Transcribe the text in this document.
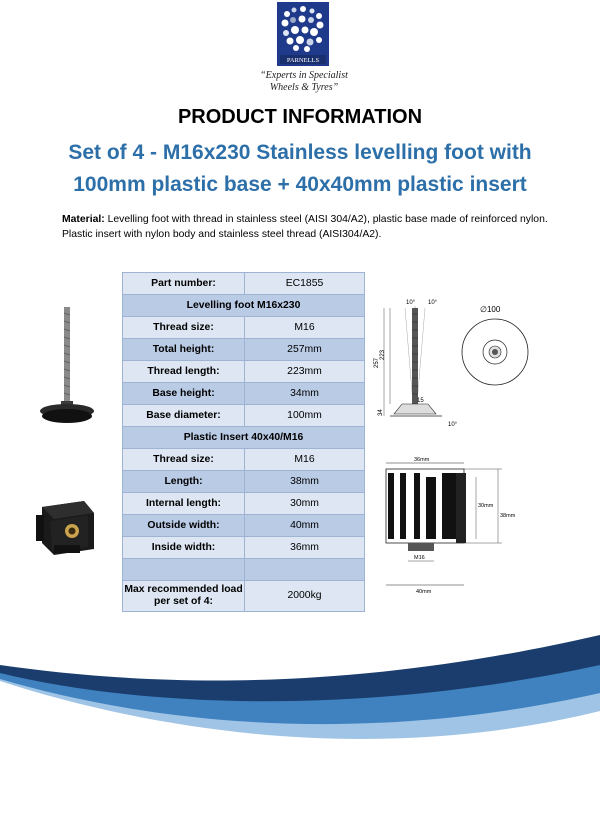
PARNELLS
“Experts in Specialist
Wheels & Tyres”
PRODUCT INFORMATION
Set of 4 - M16x230 Stainless levelling foot with
100mm plastic base + 40x40mm plastic insert
Material: Levelling foot with thread in stainless steel (AISI 304/A2), plastic base made of reinforced nylon. Plastic insert with nylon body and stainless steel thread (AISI304/A2).
Part number:	EC1855
Levelling foot M16x230	
Thread size:	M16
Total height:	257mm
Thread length:	223mm
Base height:	34mm
Base diameter:	100mm
Plastic Insert 40x40/M16	
Thread size:	M16
Length:	38mm
Internal length:	30mm
Outside width:	40mm
Inside width:	36mm

Max recommended load
per set of 4:	2000kg
10° 10°
257
223
34
15
10°
∅100
36mm
30mm
38mm
M16
40mm
